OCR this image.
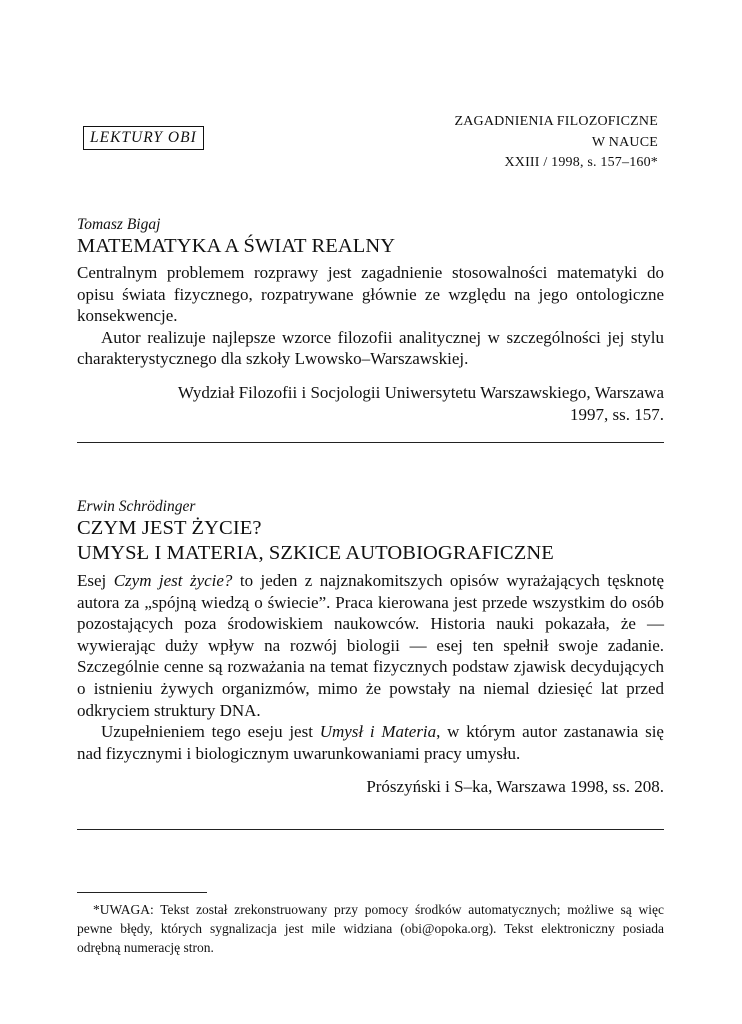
LEKTURY OBI
ZAGADNIENIA FILOZOFICZNE
W NAUCE
XXIII / 1998, s. 157–160*

Tomasz Bigaj

MATEMATYKA A ŚWIAT REALNY

Centralnym problemem rozprawy jest zagadnienie stosowalności matematyki do opisu świata fizycznego, rozpatrywane głównie ze względu na jego ontologiczne konsekwencje.

Autor realizuje najlepsze wzorce filozofii analitycznej w szczególności jej stylu charakterystycznego dla szkoły Lwowsko–Warszawskiej.

Wydział Filozofii i Socjologii Uniwersytetu Warszawskiego, Warszawa

1997, ss. 157.

Erwin Schrödinger

CZYM JEST ŻYCIE?
UMYSŁ I MATERIA, SZKICE AUTOBIOGRAFICZNE

Esej Czym jest życie? to jeden z najznakomitszych opisów wyrażających tęsknotę autora za „spójną wiedzą o świecie”. Praca kierowana jest przede wszystkim do osób pozostających poza środowiskiem naukowców. Historia nauki pokazała, że — wywierając duży wpływ na rozwój biologii — esej ten spełnił swoje zadanie. Szczególnie cenne są rozważania na temat fizycznych podstaw zjawisk decydujących o istnieniu żywych organizmów, mimo że powstały na niemal dziesięć lat przed odkryciem struktury DNA.

Uzupełnieniem tego eseju jest Umysł i Materia, w którym autor zastanawia się nad fizycznymi i biologicznym uwarunkowaniami pracy umysłu.

Prószyński i S–ka, Warszawa 1998, ss. 208.

*UWAGA: Tekst został zrekonstruowany przy pomocy środków automatycznych; możliwe są więc pewne błędy, których sygnalizacja jest mile widziana (obi@opoka.org). Tekst elektroniczny posiada odrębną numerację stron.
